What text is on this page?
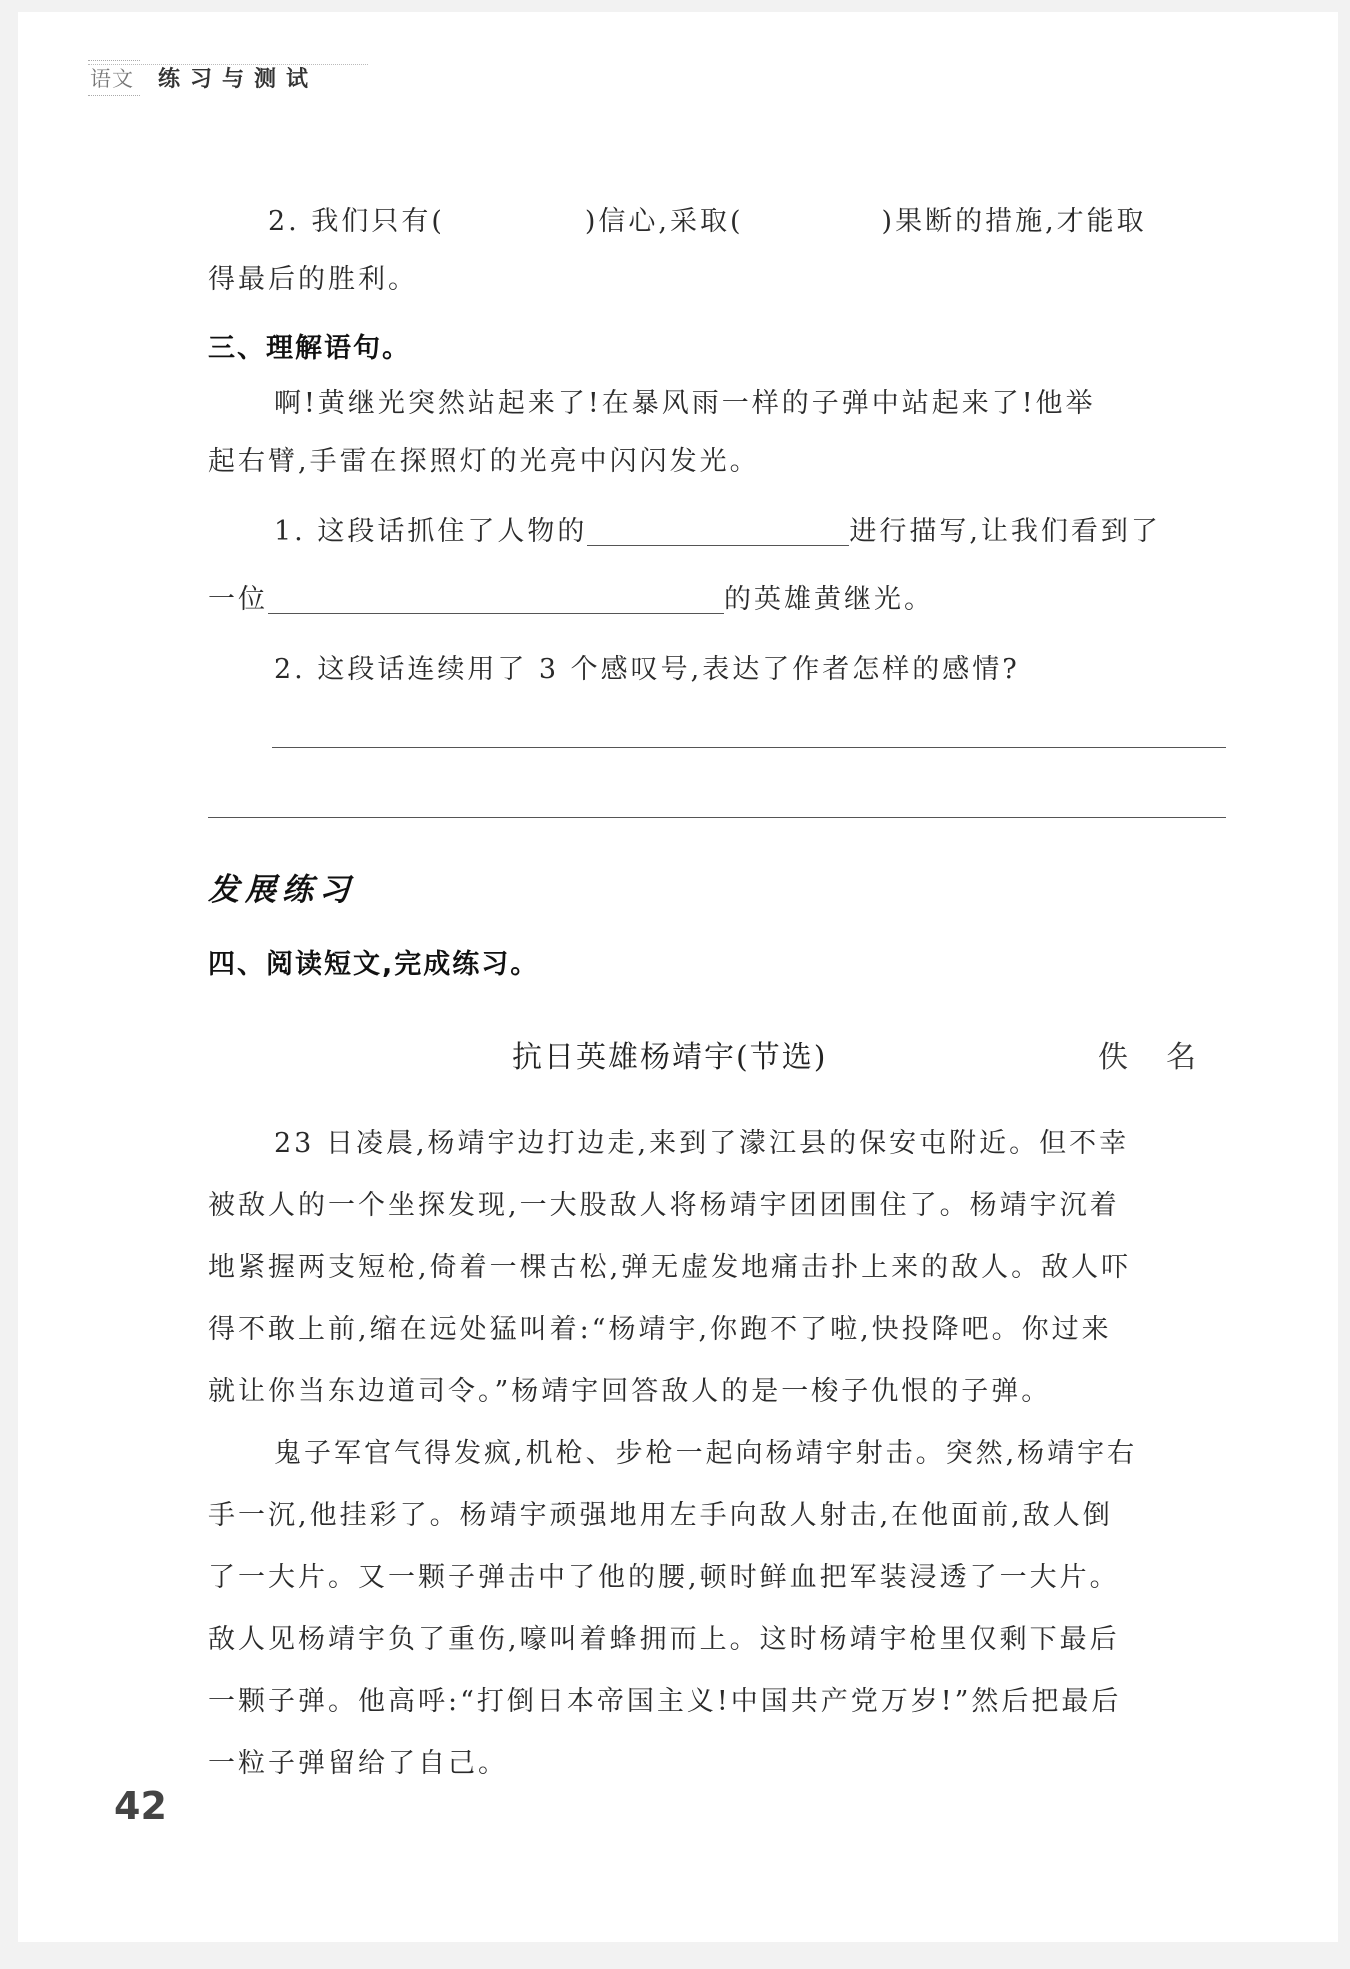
语文 练习与测试
2. 我们只有(	)信心,采取(	)果断的措施,才能取
得最后的胜利。
三、理解语句。
啊!黄继光突然站起来了!在暴风雨一样的子弹中站起来了!他举
起右臂,手雷在探照灯的光亮中闪闪发光。
1. 这段话抓住了人物的	进行描写,让我们看到了
一位	的英雄黄继光。
2. 这段话连续用了 3 个感叹号,表达了作者怎样的感情?
发展练习
四、阅读短文,完成练习。
抗日英雄杨靖宇(节选)	佚名
23 日凌晨,杨靖宇边打边走,来到了濛江县的保安屯附近。但不幸
被敌人的一个坐探发现,一大股敌人将杨靖宇团团围住了。杨靖宇沉着
地紧握两支短枪,倚着一棵古松,弹无虚发地痛击扑上来的敌人。敌人吓
得不敢上前,缩在远处猛叫着:“杨靖宇,你跑不了啦,快投降吧。你过来
就让你当东边道司令。”杨靖宇回答敌人的是一梭子仇恨的子弹。
鬼子军官气得发疯,机枪、步枪一起向杨靖宇射击。突然,杨靖宇右
手一沉,他挂彩了。杨靖宇顽强地用左手向敌人射击,在他面前,敌人倒
了一大片。又一颗子弹击中了他的腰,顿时鲜血把军装浸透了一大片。
敌人见杨靖宇负了重伤,嚎叫着蜂拥而上。这时杨靖宇枪里仅剩下最后
一颗子弹。他高呼:“打倒日本帝国主义!中国共产党万岁!”然后把最后
一粒子弹留给了自己。
42
